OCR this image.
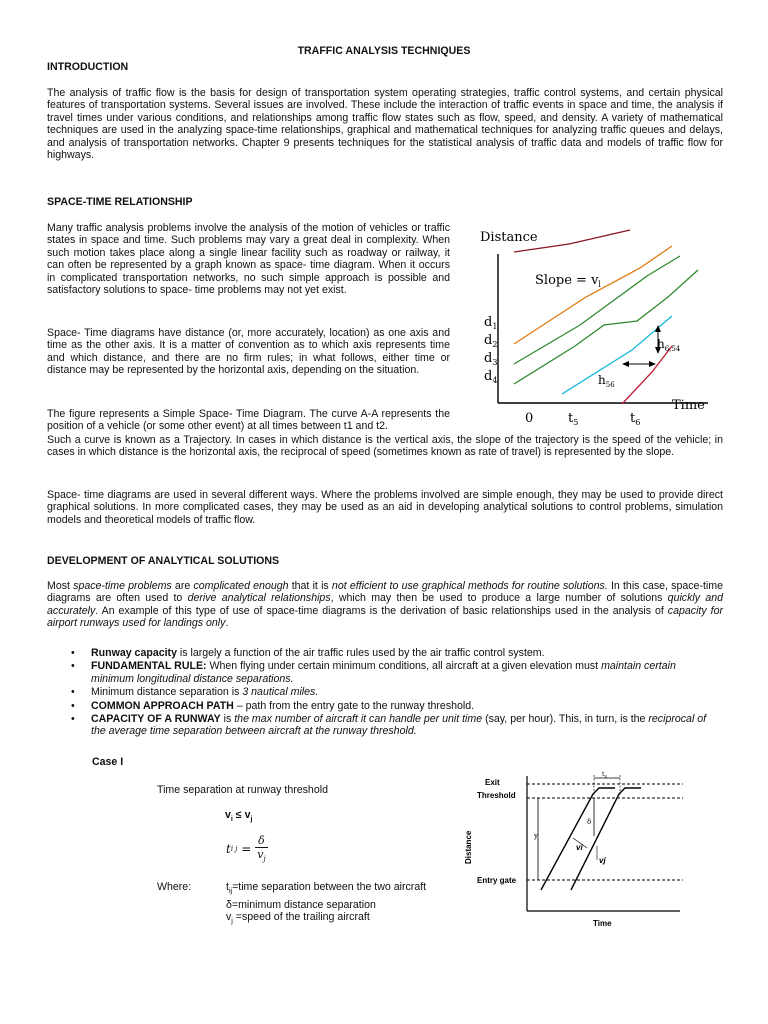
TRAFFIC ANALYSIS TECHNIQUES
INTRODUCTION

The analysis of traffic flow is the basis for design of transportation system operating strategies, traffic control systems, and certain physical features of transportation systems. Several issues are involved. These include the interaction of traffic events in space and time, the analysis if travel times under various conditions, and relationships among traffic flow states such as flow, speed, and density. A variety of mathematical techniques are used in the analyzing space-time relationships, graphical and mathematical techniques for analyzing traffic queues and delays, and analysis of transportation networks. Chapter 9 presents techniques for the statistical analysis of traffic data and models of traffic flow for highways.

SPACE-TIME RELATIONSHIP

Many traffic analysis problems involve the analysis of the motion of vehicles or traffic states in space and time. Such problems may vary a great deal in complexity. When such motion takes place along a single linear facility such as roadway or railway, it can often be represented by a graph known as space- time diagram. When it occurs in complicated transportation networks, no such simple approach is possible and satisfactory solutions to space- time problems may not yet exist.

Space- Time diagrams have distance (or, more accurately, location) as one axis and time as the other axis. It is a matter of convention as to which axis represents time and which distance, and there are no firm rules; in what follows, either time or distance may be represented by the horizontal axis, depending on the situation.

The figure represents a Simple Space- Time Diagram. The curve A-A represents the position of a vehicle (or some other event) at all times between t1 and t2.

Such a curve is known as a Trajectory. In cases in which distance is the vertical axis, the slope of the trajectory is the speed of the vehicle; in cases in which distance is the horizontal axis, the reciprocal of speed (sometimes known as rate of travel) is represented by the slope.

Space- time diagrams are used in several different ways. Where the problems involved are simple enough, they may be used to provide direct graphical solutions. In more complicated cases, they may be used as an aid in developing analytical solutions to control problems, simulation models and theoretical models of traffic flow.

Distance
Time
Slope = $v_l$
$d_1$
$d_2$
$d_3$
$d_4$
$h_{6,54}$
$h_{56}$
0	$t_5$	$t_6$
DEVELOPMENT OF ANALYTICAL SOLUTIONS

Most space-time problems are complicated enough that it is not efficient to use graphical methods for routine solutions. In this case, space-time diagrams are often used to derive analytical relationships, which may then be used to produce a large number of solutions quickly and accurately. An example of this type of use of space-time diagrams is the derivation of basic relationships used in the analysis of capacity for airport runways used for landings only.

• Runway capacity is largely a function of the air traffic rules used by the air traffic control system.
• FUNDAMENTAL RULE: When flying under certain minimum conditions, all aircraft at a given elevation must maintain certain minimum longitudinal distance separations.
• Minimum distance separation is 3 nautical miles.
• COMMON APPROACH PATH – path from the entry gate to the runway threshold.
• CAPACITY OF A RUNWAY is the max number of aircraft it can handle per unit time (say, per hour). This, in turn, is the reciprocal of the average time separation between aircraft at the runway threshold.
Case I
Time separation at runway threshold
$v_i \le v_j$
t i $j = \frac{\delta}{v_j}$
Where:	$t_{ij}=time$ separation between the two aircraft
δ=minimum distance separation
$v_j$ =speed of the trailing aircraft
Exit
Threshold
Entry gate
Distance
Time
y
δ
$t_{ij}$
vi
vj
